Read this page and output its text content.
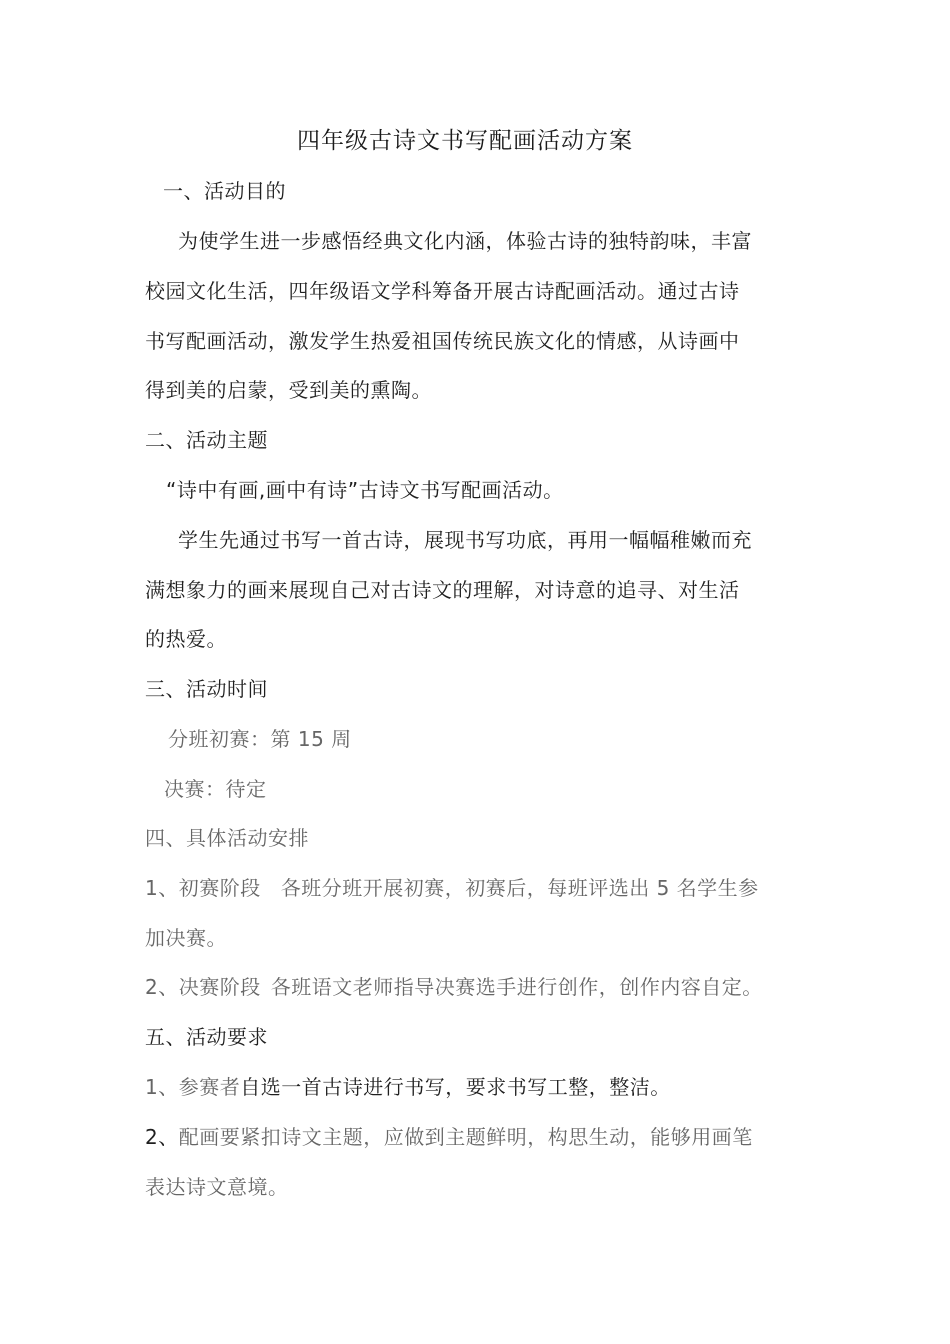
四年级古诗文书写配画活动方案
一、活动目的
为使学生进一步感悟经典文化内涵，体验古诗的独特韵味，丰富
校园文化生活，四年级语文学科筹备开展古诗配画活动。通过古诗
书写配画活动，激发学生热爱祖国传统民族文化的情感，从诗画中
得到美的启蒙，受到美的熏陶。
二、活动主题
“诗中有画,画中有诗”古诗文书写配画活动。
学生先通过书写一首古诗，展现书写功底，再用一幅幅稚嫩而充
满想象力的画来展现自己对古诗文的理解，对诗意的追寻、对生活
的热爱。
三、活动时间
分班初赛：第 15 周
决赛：待定
四、具体活动安排
1、初赛阶段 各班分班开展初赛，初赛后，每班评选出 5 名学生参
加决赛。
2、决赛阶段 各班语文老师指导决赛选手进行创作，创作内容自定。
五、活动要求
1、参赛者自选一首古诗进行书写，要求书写工整，整洁。
2、配画要紧扣诗文主题，应做到主题鲜明，构思生动，能够用画笔
表达诗文意境。
